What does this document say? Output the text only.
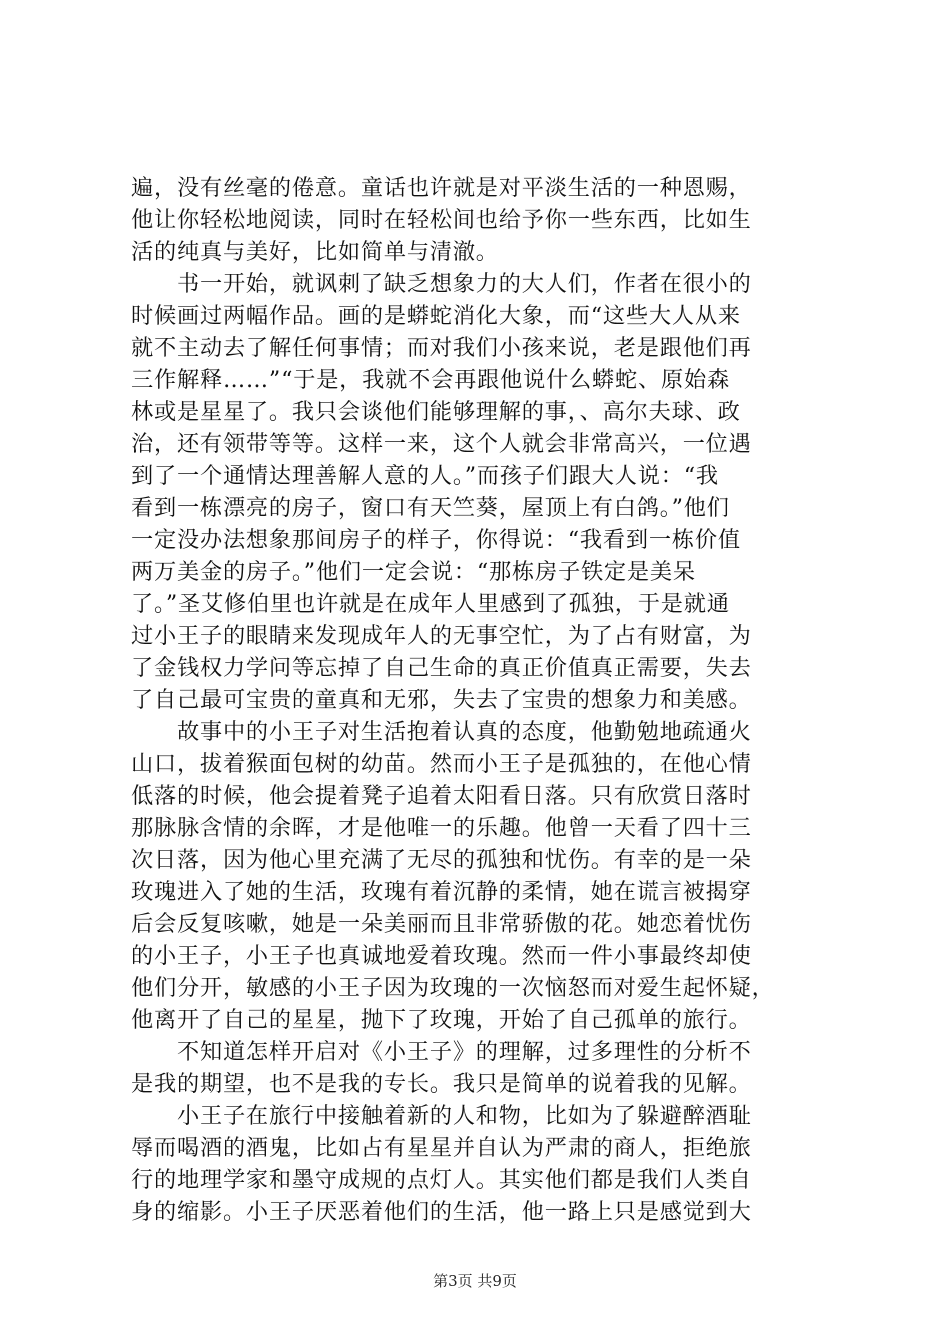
遍，没有丝毫的倦意。童话也许就是对平淡生活的一种恩赐，
他让你轻松地阅读，同时在轻松间也给予你一些东西，比如生
活的纯真与美好，比如简单与清澈。
　　书一开始，就讽刺了缺乏想象力的大人们，作者在很小的
时候画过两幅作品。画的是蟒蛇消化大象，而“这些大人从来
就不主动去了解任何事情；而对我们小孩来说，老是跟他们再
三作解释……”“于是，我就不会再跟他说什么蟒蛇、原始森
林或是星星了。我只会谈他们能够理解的事，、高尔夫球、政
治，还有领带等等。这样一来，这个人就会非常高兴，一位遇
到了一个通情达理善解人意的人。”而孩子们跟大人说：“我
看到一栋漂亮的房子，窗口有天竺葵，屋顶上有白鸽。”他们
一定没办法想象那间房子的样子，你得说：“我看到一栋价值
两万美金的房子。”他们一定会说：“那栋房子铁定是美呆
了。”圣艾修伯里也许就是在成年人里感到了孤独，于是就通
过小王子的眼睛来发现成年人的无事空忙，为了占有财富，为
了金钱权力学问等忘掉了自己生命的真正价值真正需要，失去
了自己最可宝贵的童真和无邪，失去了宝贵的想象力和美感。
　　故事中的小王子对生活抱着认真的态度，他勤勉地疏通火
山口，拔着猴面包树的幼苗。然而小王子是孤独的，在他心情
低落的时候，他会提着凳子追着太阳看日落。只有欣赏日落时
那脉脉含情的余晖，才是他唯一的乐趣。他曾一天看了四十三
次日落，因为他心里充满了无尽的孤独和忧伤。有幸的是一朵
玫瑰进入了她的生活，玫瑰有着沉静的柔情，她在谎言被揭穿
后会反复咳嗽，她是一朵美丽而且非常骄傲的花。她恋着忧伤
的小王子，小王子也真诚地爱着玫瑰。然而一件小事最终却使
他们分开，敏感的小王子因为玫瑰的一次恼怒而对爱生起怀疑，
他离开了自己的星星，抛下了玫瑰，开始了自己孤单的旅行。
　　不知道怎样开启对《小王子》的理解，过多理性的分析不
是我的期望，也不是我的专长。我只是简单的说着我的见解。
　　小王子在旅行中接触着新的人和物，比如为了躲避醉酒耻
辱而喝酒的酒鬼，比如占有星星并自认为严肃的商人，拒绝旅
行的地理学家和墨守成规的点灯人。其实他们都是我们人类自
身的缩影。小王子厌恶着他们的生活，他一路上只是感觉到大
第3页 共9页
